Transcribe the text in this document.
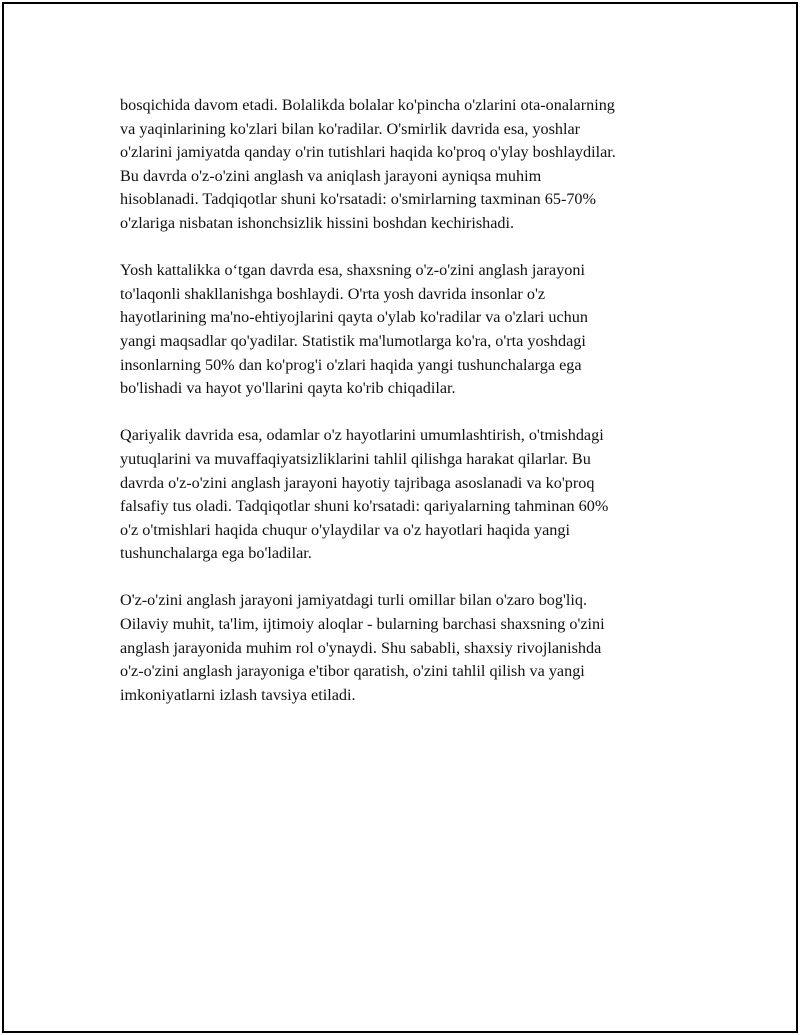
bosqichida davom etadi. Bolalikda bolalar ko'pincha o'zlarini ota-onalarning
va yaqinlarining ko'zlari bilan ko'radilar. O'smirlik davrida esa, yoshlar
o'zlarini jamiyatda qanday o'rin tutishlari haqida ko'proq o'ylay boshlaydilar.
Bu davrda o'z-o'zini anglash va aniqlash jarayoni ayniqsa muhim
hisoblanadi. Tadqiqotlar shuni ko'rsatadi: o'smirlarning taxminan 65-70%
o'zlariga nisbatan ishonchsizlik hissini boshdan kechirishadi.

Yosh kattalikka o‘tgan davrda esa, shaxsning o'z-o'zini anglash jarayoni
to'laqonli shakllanishga boshlaydi. O'rta yosh davrida insonlar o'z
hayotlarining ma'no-ehtiyojlarini qayta o'ylab ko'radilar va o'zlari uchun
yangi maqsadlar qo'yadilar. Statistik ma'lumotlarga ko'ra, o'rta yoshdagi
insonlarning 50% dan ko'prog'i o'zlari haqida yangi tushunchalarga ega
bo'lishadi va hayot yo'llarini qayta ko'rib chiqadilar.

Qariyalik davrida esa, odamlar o'z hayotlarini umumlashtirish, o'tmishdagi
yutuqlarini va muvaffaqiyatsizliklarini tahlil qilishga harakat qilarlar. Bu
davrda o'z-o'zini anglash jarayoni hayotiy tajribaga asoslanadi va ko'proq
falsafiy tus oladi. Tadqiqotlar shuni ko'rsatadi: qariyalarning tahminan 60%
o'z o'tmishlari haqida chuqur o'ylaydilar va o'z hayotlari haqida yangi
tushunchalarga ega bo'ladilar.

O'z-o'zini anglash jarayoni jamiyatdagi turli omillar bilan o'zaro bog'liq.
Oilaviy muhit, ta'lim, ijtimoiy aloqlar - bularning barchasi shaxsning o'zini
anglash jarayonida muhim rol o'ynaydi. Shu sababli, shaxsiy rivojlanishda
o'z-o'zini anglash jarayoniga e'tibor qaratish, o'zini tahlil qilish va yangi
imkoniyatlarni izlash tavsiya etiladi.
